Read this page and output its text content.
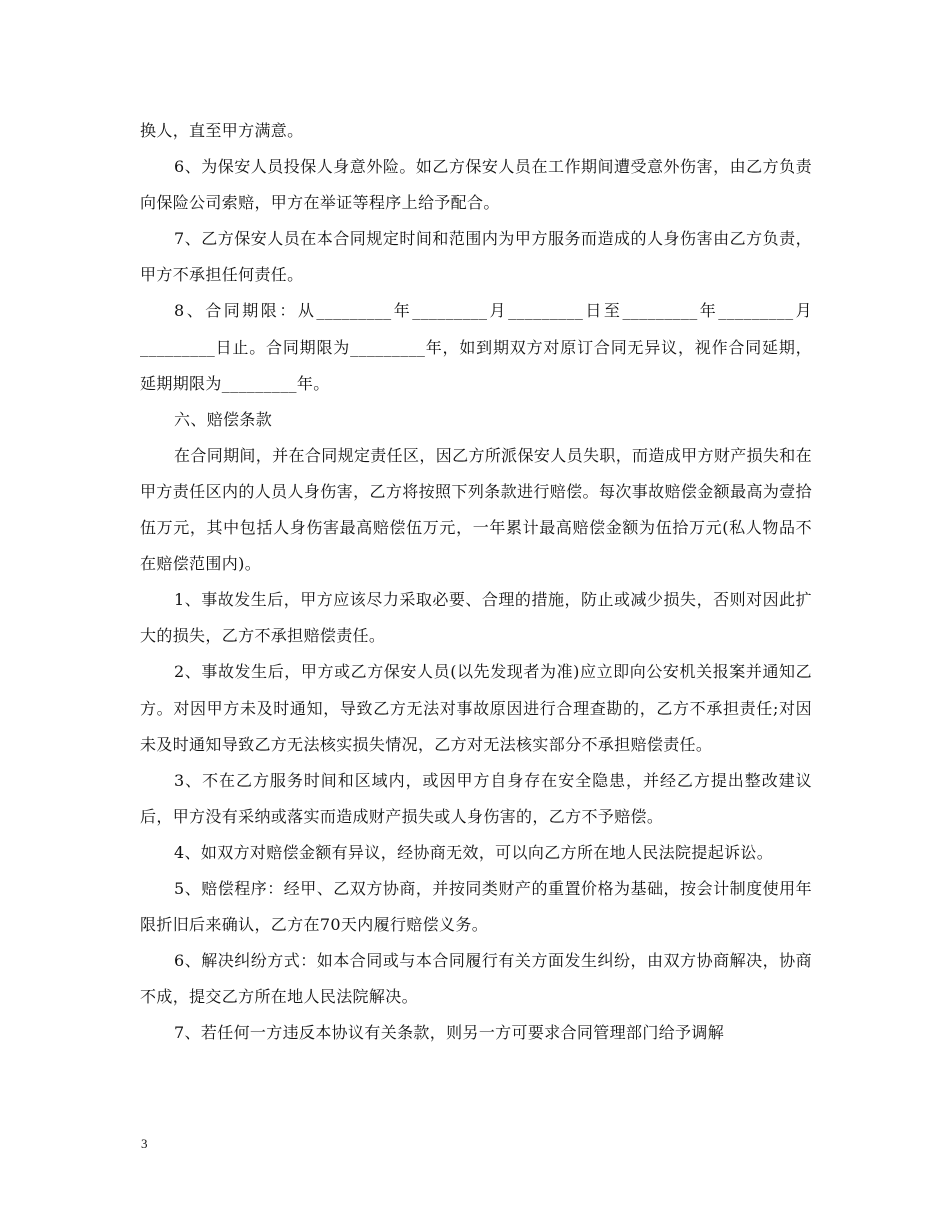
换人，直至甲方满意。

6、为保安人员投保人身意外险。如乙方保安人员在工作期间遭受意外伤害，由乙方负责向保险公司索赔，甲方在举证等程序上给予配合。

7、乙方保安人员在本合同规定时间和范围内为甲方服务而造成的人身伤害由乙方负责，甲方不承担任何责任。

8、合同期限：从_________年_________月_________日至_________年_________月_________日止。合同期限为_________年，如到期双方对原订合同无异议，视作合同延期，延期期限为_________年。

六、赔偿条款

在合同期间，并在合同规定责任区，因乙方所派保安人员失职，而造成甲方财产损失和在甲方责任区内的人员人身伤害，乙方将按照下列条款进行赔偿。每次事故赔偿金额最高为壹拾伍万元，其中包括人身伤害最高赔偿伍万元，一年累计最高赔偿金额为伍拾万元(私人物品不在赔偿范围内)。

1、事故发生后，甲方应该尽力采取必要、合理的措施，防止或减少损失，否则对因此扩大的损失，乙方不承担赔偿责任。

2、事故发生后，甲方或乙方保安人员(以先发现者为准)应立即向公安机关报案并通知乙方。对因甲方未及时通知，导致乙方无法对事故原因进行合理查勘的，乙方不承担责任;对因未及时通知导致乙方无法核实损失情况，乙方对无法核实部分不承担赔偿责任。

3、不在乙方服务时间和区域内，或因甲方自身存在安全隐患，并经乙方提出整改建议后，甲方没有采纳或落实而造成财产损失或人身伤害的，乙方不予赔偿。

4、如双方对赔偿金额有异议，经协商无效，可以向乙方所在地人民法院提起诉讼。

5、赔偿程序：经甲、乙双方协商，并按同类财产的重置价格为基础，按会计制度使用年限折旧后来确认，乙方在70天内履行赔偿义务。

6、解决纠纷方式：如本合同或与本合同履行有关方面发生纠纷，由双方协商解决，协商不成，提交乙方所在地人民法院解决。

7、若任何一方违反本协议有关条款，则另一方可要求合同管理部门给予调解

3
